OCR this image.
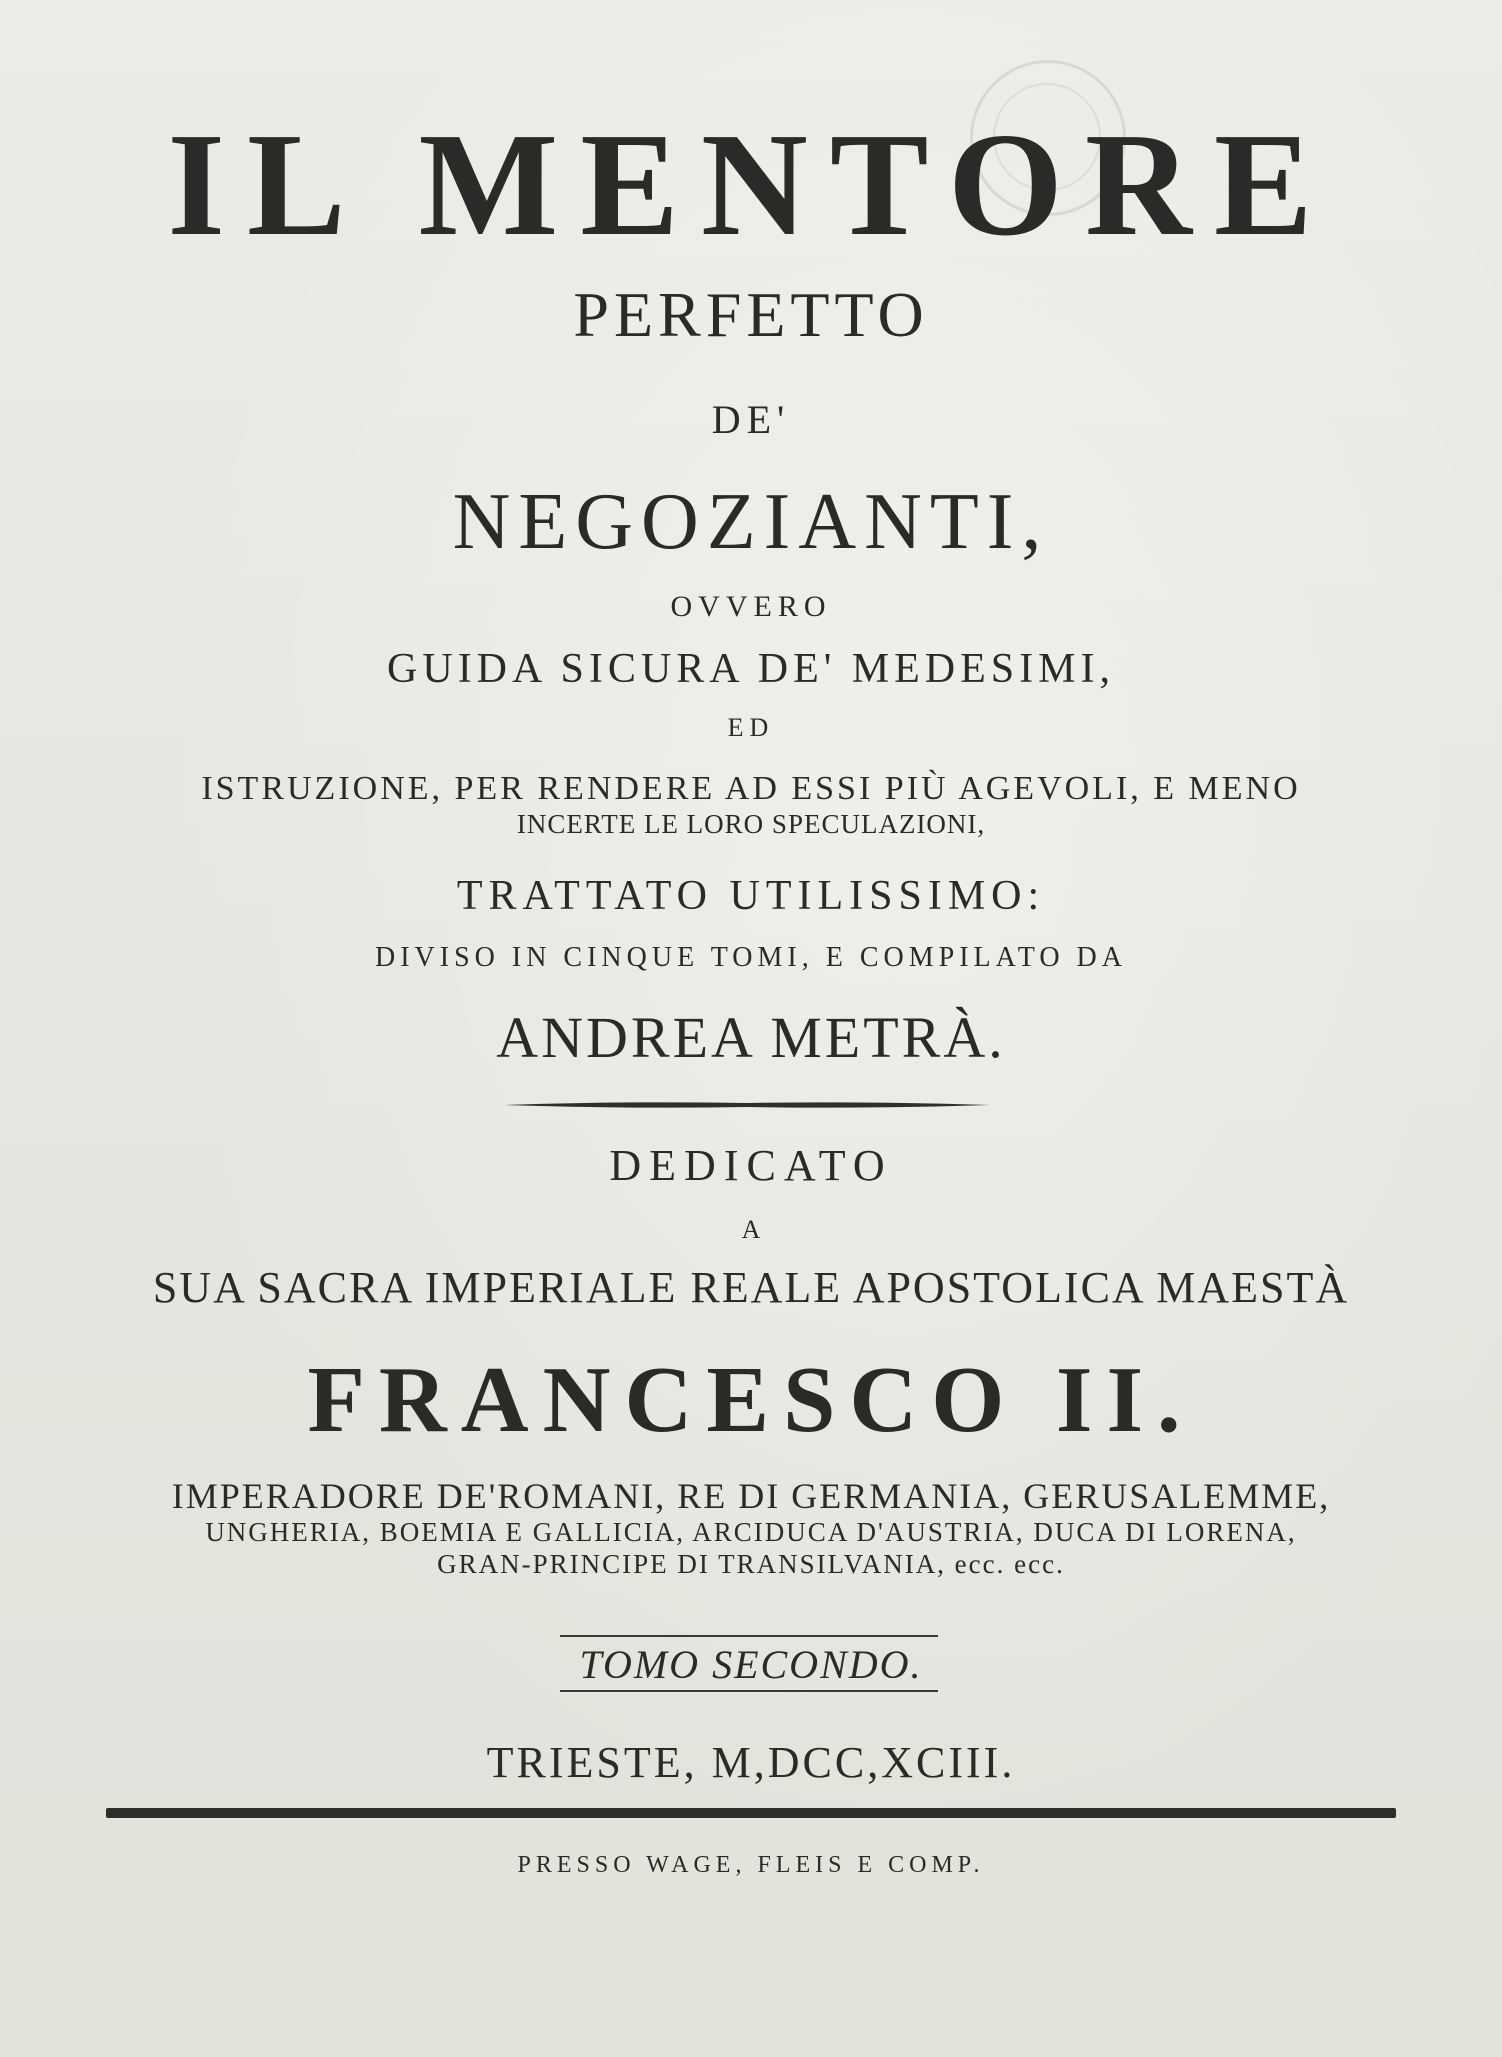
IL MENTORE
PERFETTO
DE'
NEGOZIANTI,
OVVERO
GUIDA SICURA DE' MEDESIMI,
ED
ISTRUZIONE, PER RENDERE AD ESSI PIÙ AGEVOLI, E MENO
INCERTE LE LORO SPECULAZIONI,
TRATTATO UTILISSIMO:
DIVISO IN CINQUE TOMI, E COMPILATO DA
ANDREA METRÀ.
DEDICATO
A
SUA SACRA IMPERIALE REALE APOSTOLICA MAESTÀ
FRANCESCO II.
IMPERADORE DE'ROMANI, RE DI GERMANIA, GERUSALEMME,
UNGHERIA, BOEMIA E GALLICIA, ARCIDUCA D'AUSTRIA, DUCA DI LORENA,
GRAN-PRINCIPE DI TRANSILVANIA, ecc. ecc.
TOMO SECONDO.
TRIESTE, M,DCC,XCIII.
PRESSO WAGE, FLEIS E COMP.
